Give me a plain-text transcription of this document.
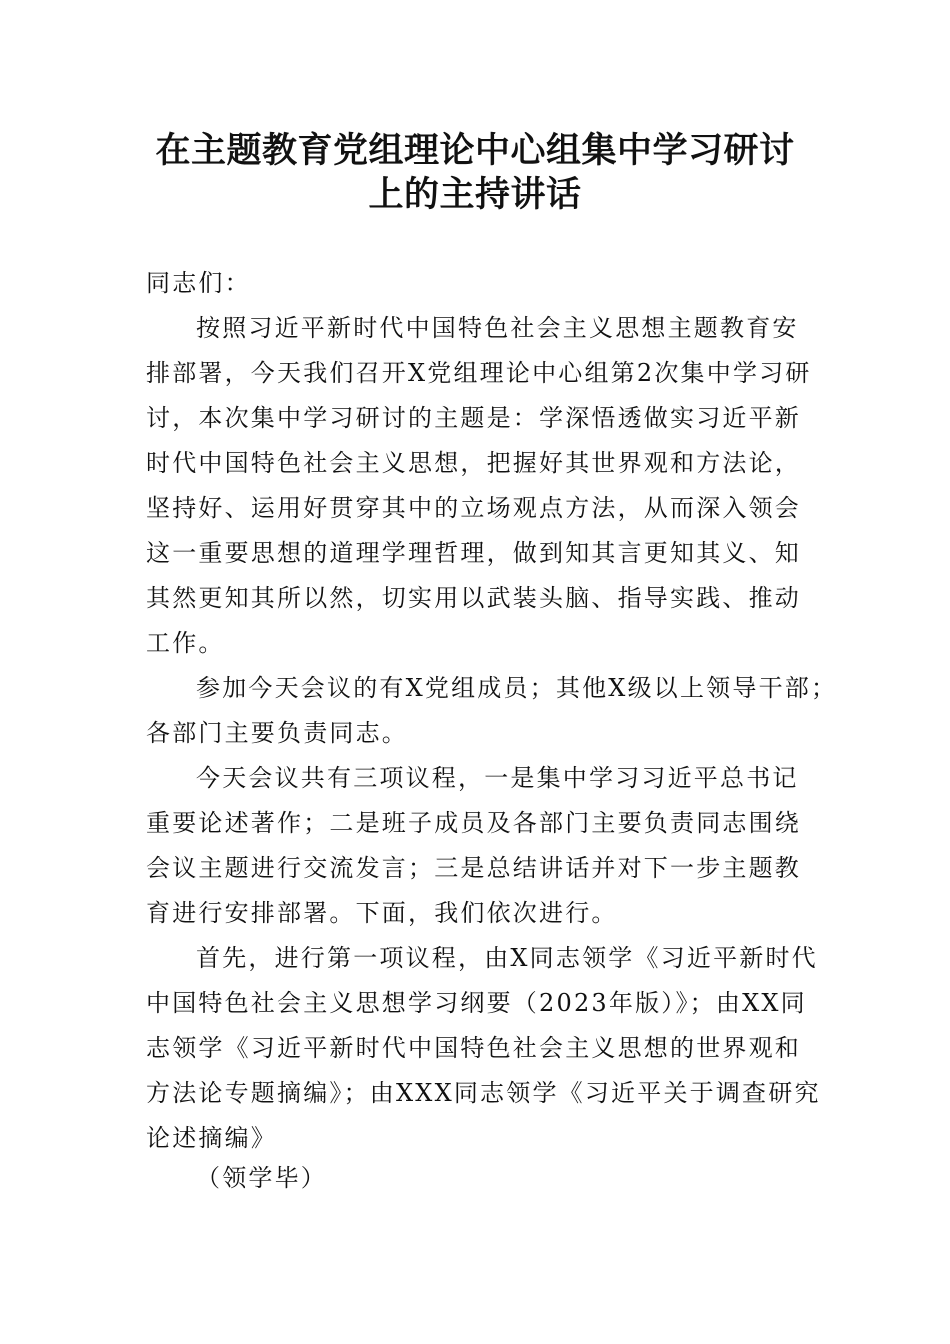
在主题教育党组理论中心组集中学习研讨
上的主持讲话
同志们：
按照习近平新时代中国特色社会主义思想主题教育安
排部署，今天我们召开X党组理论中心组第2次集中学习研
讨，本次集中学习研讨的主题是：学深悟透做实习近平新
时代中国特色社会主义思想，把握好其世界观和方法论，
坚持好、运用好贯穿其中的立场观点方法，从而深入领会
这一重要思想的道理学理哲理，做到知其言更知其义、知
其然更知其所以然，切实用以武装头脑、指导实践、推动
工作。
参加今天会议的有X党组成员；其他X级以上领导干部；
各部门主要负责同志。
今天会议共有三项议程，一是集中学习习近平总书记
重要论述著作；二是班子成员及各部门主要负责同志围绕
会议主题进行交流发言；三是总结讲话并对下一步主题教
育进行安排部署。下面，我们依次进行。
首先，进行第一项议程，由X同志领学《习近平新时代
中国特色社会主义思想学习纲要（2023年版）》；由XX同
志领学《习近平新时代中国特色社会主义思想的世界观和
方法论专题摘编》；由XXX同志领学《习近平关于调查研究
论述摘编》
（领学毕）
